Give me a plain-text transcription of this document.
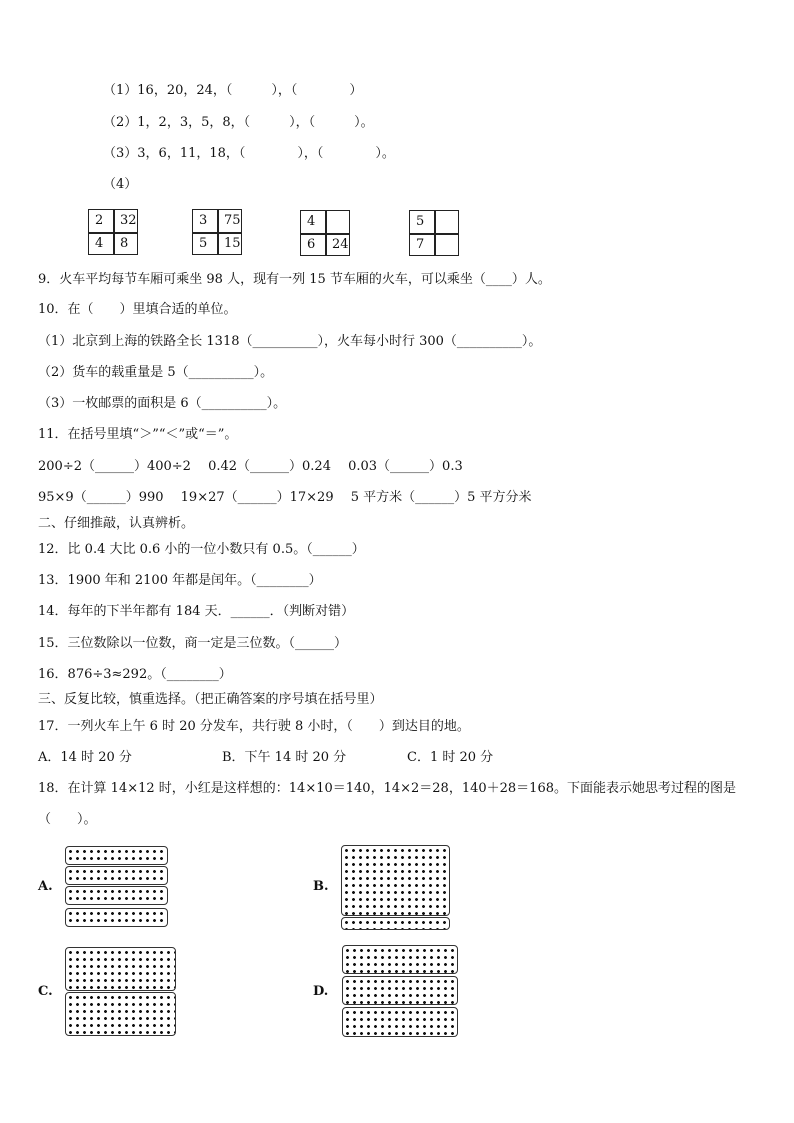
（1）16，20，24，（　　　），（　　　　）
（2）1，2，3，5，8，（　　　），（　　　）。
（3）3，6，11，18，（　　　　），（　　　　）。
（4）
2	32
4	8
3	75
5	15
4
6	24
5
7
9．火车平均每节车厢可乘坐 98 人，现有一列 15 节车厢的火车，可以乘坐（____）人。
10．在（　　）里填合适的单位。
（1）北京到上海的铁路全长 1318（__________），火车每小时行 300（__________）。
（2）货车的载重量是 5（__________）。
（3）一枚邮票的面积是 6（__________）。
11．在括号里填“＞”“＜”或“＝”。
200÷2（______）400÷2　 0.42（______）0.24　 0.03（______）0.3
95×9（______）990　 19×27（______）17×29　 5 平方米（______）5 平方分米
二、仔细推敲，认真辨析。
12．比 0.4 大比 0.6 小的一位小数只有 0.5。（______）
13．1900 年和 2100 年都是闰年。（________）
14．每年的下半年都有 184 天．______．（判断对错）
15．三位数除以一位数，商一定是三位数。（______）
16．876÷3≈292。（________）
三、反复比较，慎重选择。（把正确答案的序号填在括号里）
17．一列火车上午 6 时 20 分发车，共行驶 8 小时，（　　）到达目的地。
A．14 时 20 分	B．下午 14 时 20 分	C．1 时 20 分
18．在计算 14×12 时，小红是这样想的：14×10＝140，14×2＝28，140＋28＝168。下面能表示她思考过程的图是
（　　）。
A.	B.
C.	D.
